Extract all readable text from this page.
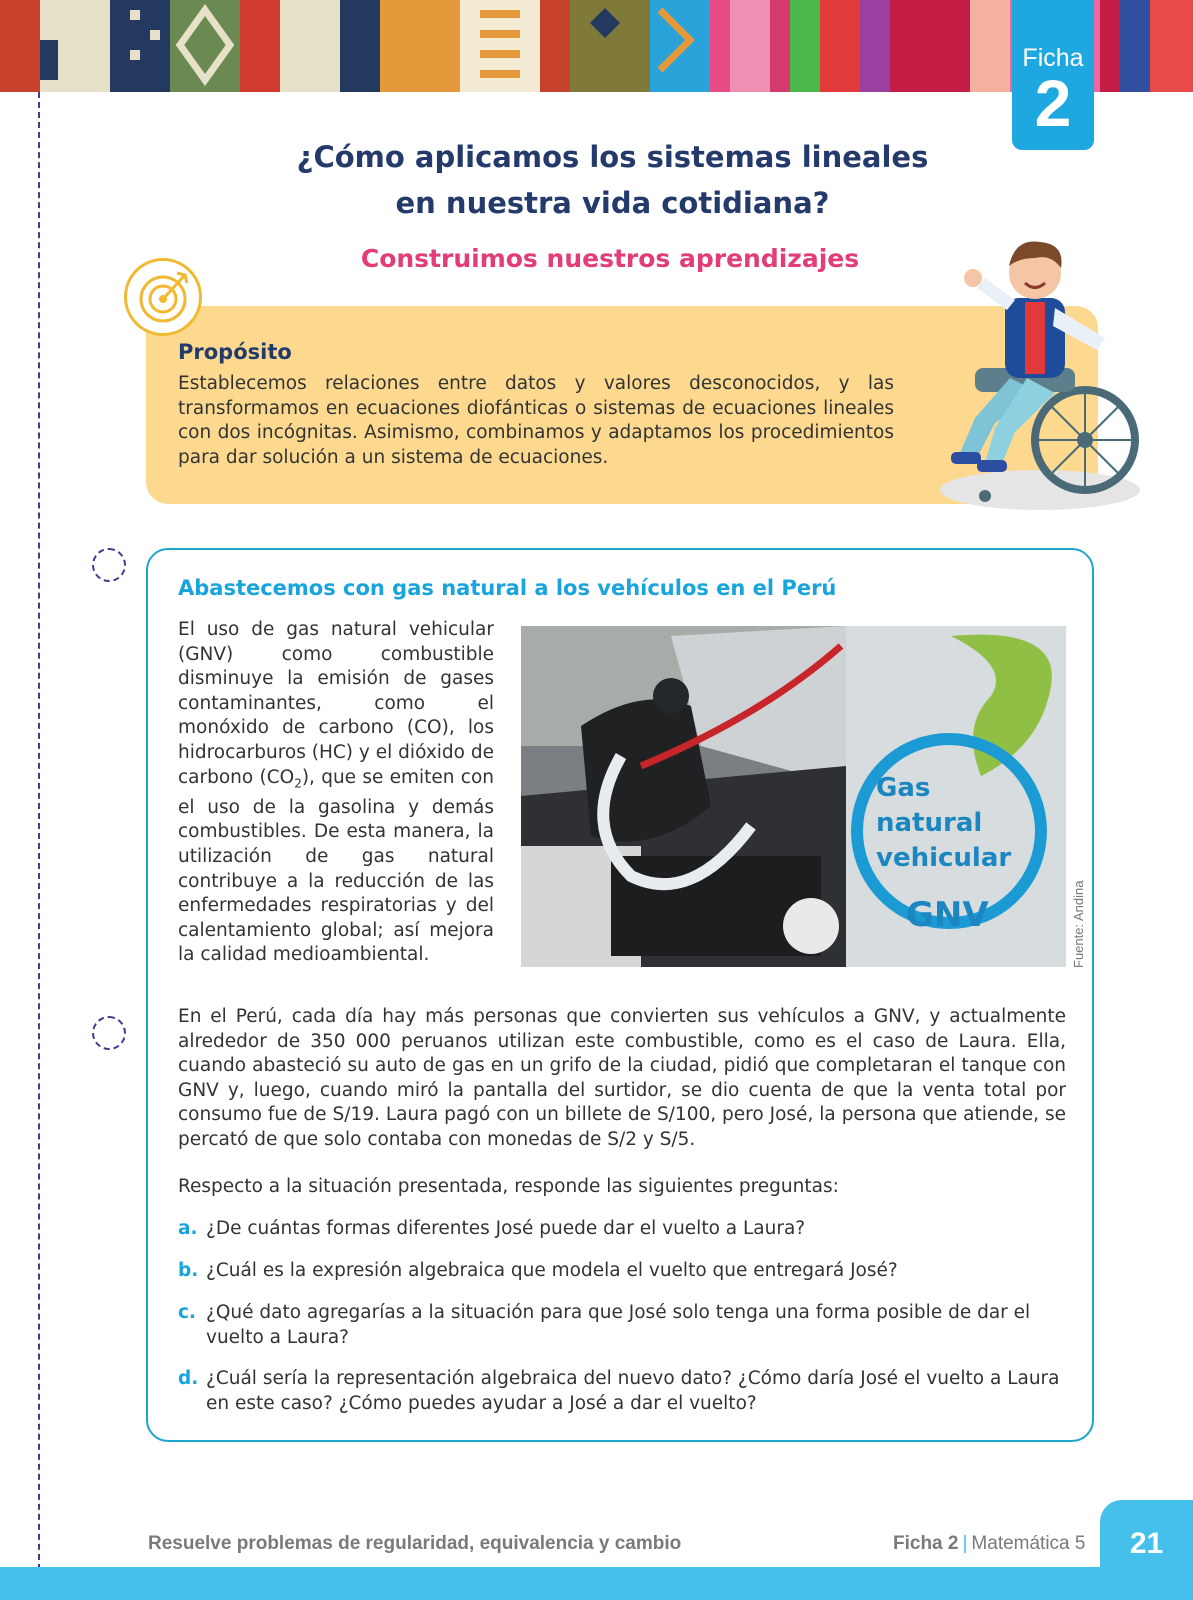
Ficha
2
¿Cómo aplicamos los sistemas lineales
en nuestra vida cotidiana?
Construimos nuestros aprendizajes
Propósito

Establecemos relaciones entre datos y valores desconocidos, y las transformamos en ecuaciones diofánticas o sistemas de ecuaciones lineales con dos incógnitas. Asimismo, combinamos y adaptamos los procedimientos para dar solución a un sistema de ecuaciones.

Abastecemos con gas natural a los vehículos en el Perú

El uso de gas natural vehicular (GNV) como combustible disminuye la emisión de gases contaminantes, como el monóxido de carbono (CO), los hidrocarburos (HC) y el dióxido de carbono $(CO_2)$, que se emiten con el uso de la gasolina y demás combustibles. De esta manera, la utilización de gas natural contribuye a la reducción de las enfermedades respiratorias y del calentamiento global; así mejora la calidad medioambiental.

Gas
natural
vehicular
GNV	Fuente: Andina

En el Perú, cada día hay más personas que convierten sus vehículos a GNV, y actualmente alrededor de 350 000 peruanos utilizan este combustible, como es el caso de Laura. Ella, cuando abasteció su auto de gas en un grifo de la ciudad, pidió que completaran el tanque con GNV y, luego, cuando miró la pantalla del surtidor, se dio cuenta de que la venta total por consumo fue de S/19. Laura pagó con un billete de S/100, pero José, la persona que atiende, se percató de que solo contaba con monedas de S/2 y S/5.

Respecto a la situación presentada, responde las siguientes preguntas:

a. ¿De cuántas formas diferentes José puede dar el vuelto a Laura?
b. ¿Cuál es la expresión algebraica que modela el vuelto que entregará José?
c. ¿Qué dato agregarías a la situación para que José solo tenga una forma posible de dar el vuelto a Laura?
d. ¿Cuál sería la representación algebraica del nuevo dato? ¿Cómo daría José el vuelto a Laura en este caso? ¿Cómo puedes ayudar a José a dar el vuelto?
Resuelve problemas de regularidad, equivalencia y cambio	Ficha 2 | Matemática 5	21
